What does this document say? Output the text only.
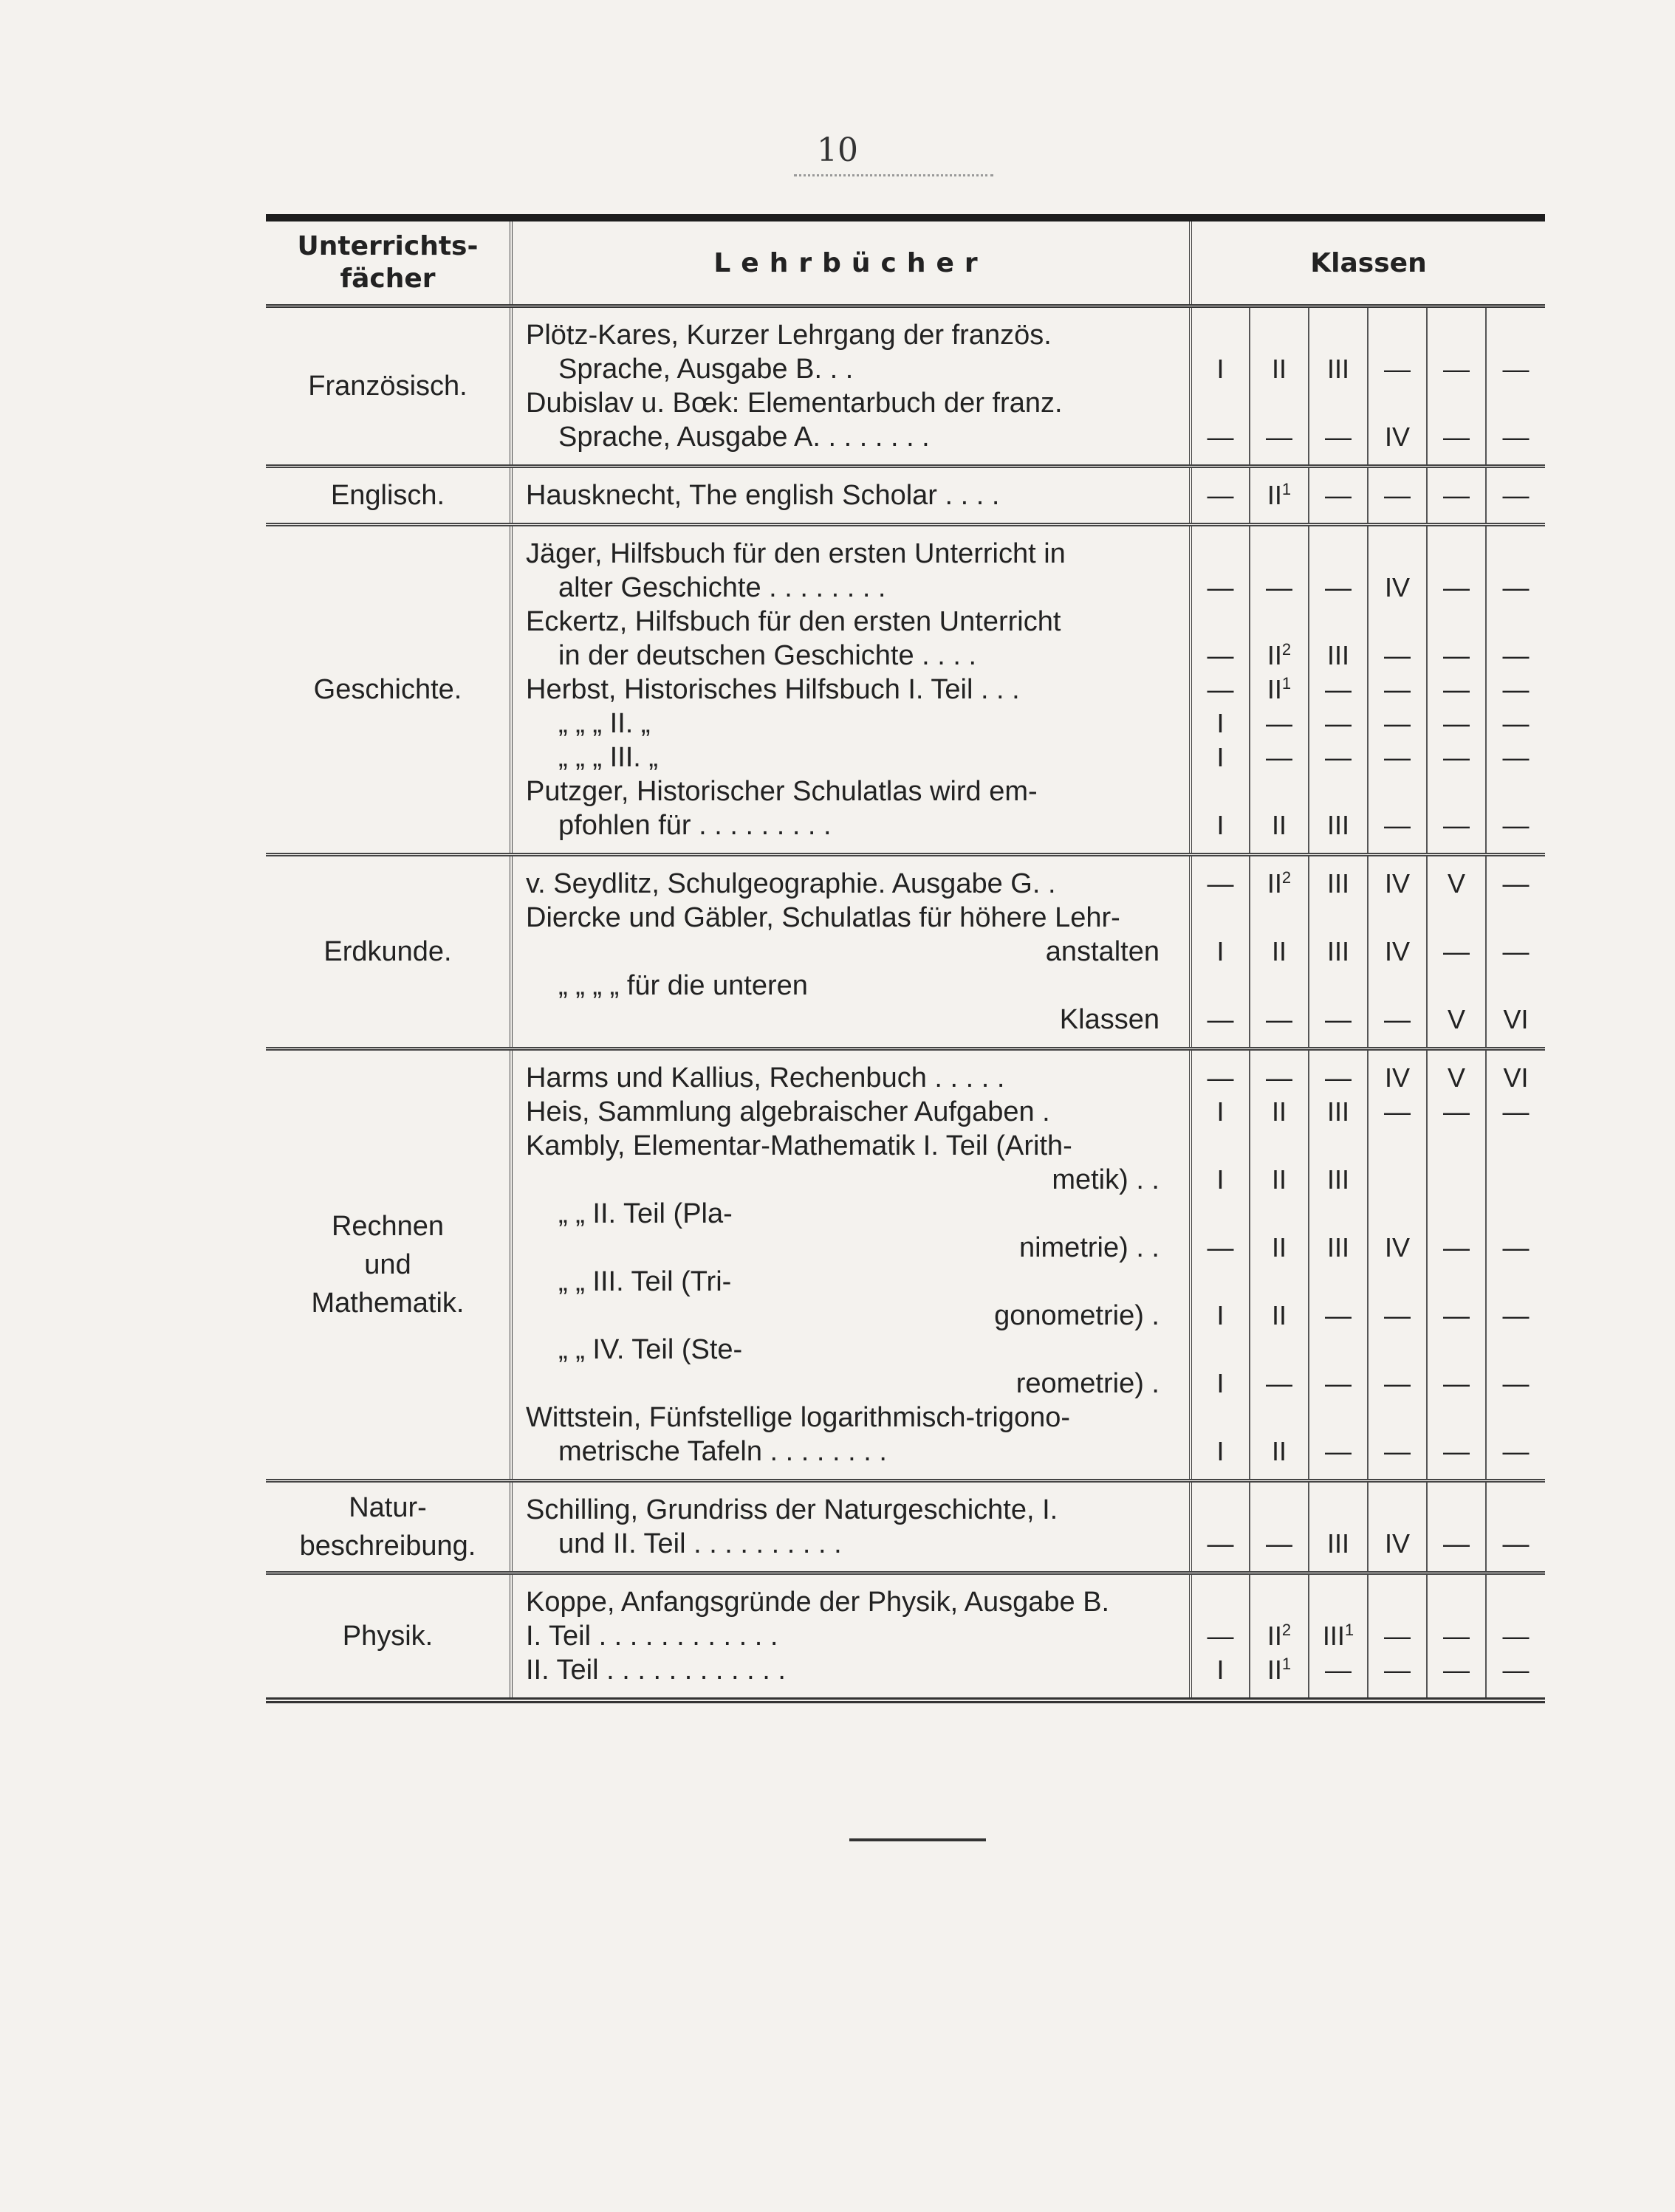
10
Unterrichts-
fächer	Lehrbücher	Klassen					
Französisch.	Plötz-Kares, Kurzer Lehrgang der französ.						
	Sprache, Ausgabe B. . .	I	II	III	—	—	—
	Dubislav u. Bœk: Elementarbuch der franz.						
	Sprache, Ausgabe A. . . . . . . .	—	—	—	IV	—	—
Englisch.	Hausknecht, The english Scholar . . . .	—	$II^1$	—	—	—	—
Geschichte.	Jäger, Hilfsbuch für den ersten Unterricht in						
	alter Geschichte . . . . . . . .	—	—	—	IV	—	—
	Eckertz, Hilfsbuch für den ersten Unterricht						
	in der deutschen Geschichte . . . .	—	$II^2$	III	—	—	—
	Herbst, Historisches Hilfsbuch I. Teil . . .	—	$II^1$	—	—	—	—
	„ „ „ II. „	I	—	—	—	—	—
	„ „ „ III. „	I	—	—	—	—	—
	Putzger, Historischer Schulatlas wird em-						
	pfohlen für . . . . . . . . .	I	II	III	—	—	—
Erdkunde.	v. Seydlitz, Schulgeographie. Ausgabe G. .	—	$II^2$	III	IV	V	—
	Diercke und Gäbler, Schulatlas für höhere Lehr-						
	anstalten	I	II	III	IV	—	—
	„ „ „ „ für die unteren						
	Klassen	—	—	—	—	V	VI
Rechnen
und
Mathematik.	Harms und Kallius, Rechenbuch . . . . .	—	—	—	IV	V	VI
	Heis, Sammlung algebraischer Aufgaben .	I	II	III	—	—	—
	Kambly, Elementar-Mathematik I. Teil (Arith-						
	metik) . .	I	II	III			
	„ „ II. Teil (Pla-						
	nimetrie) . .	—	II	III	IV	—	—
	„ „ III. Teil (Tri-						
	gonometrie) .	I	II	—	—	—	—
	„ „ IV. Teil (Ste-						
	reometrie) .	I	—	—	—	—	—
	Wittstein, Fünfstellige logarithmisch-trigono-						
	metrische Tafeln . . . . . . . .	I	II	—	—	—	—
Natur-
beschreibung.	Schilling, Grundriss der Naturgeschichte, I.						
	und II. Teil . . . . . . . . . .	—	—	III	IV	—	—
Physik.	Koppe, Anfangsgründe der Physik, Ausgabe B.						
	I. Teil . . . . . . . . . . . .	—	$II^2$	III$^1$	—	—	—
	II. Teil . . . . . . . . . . . .	I	$II^1$	—	—	—	—
